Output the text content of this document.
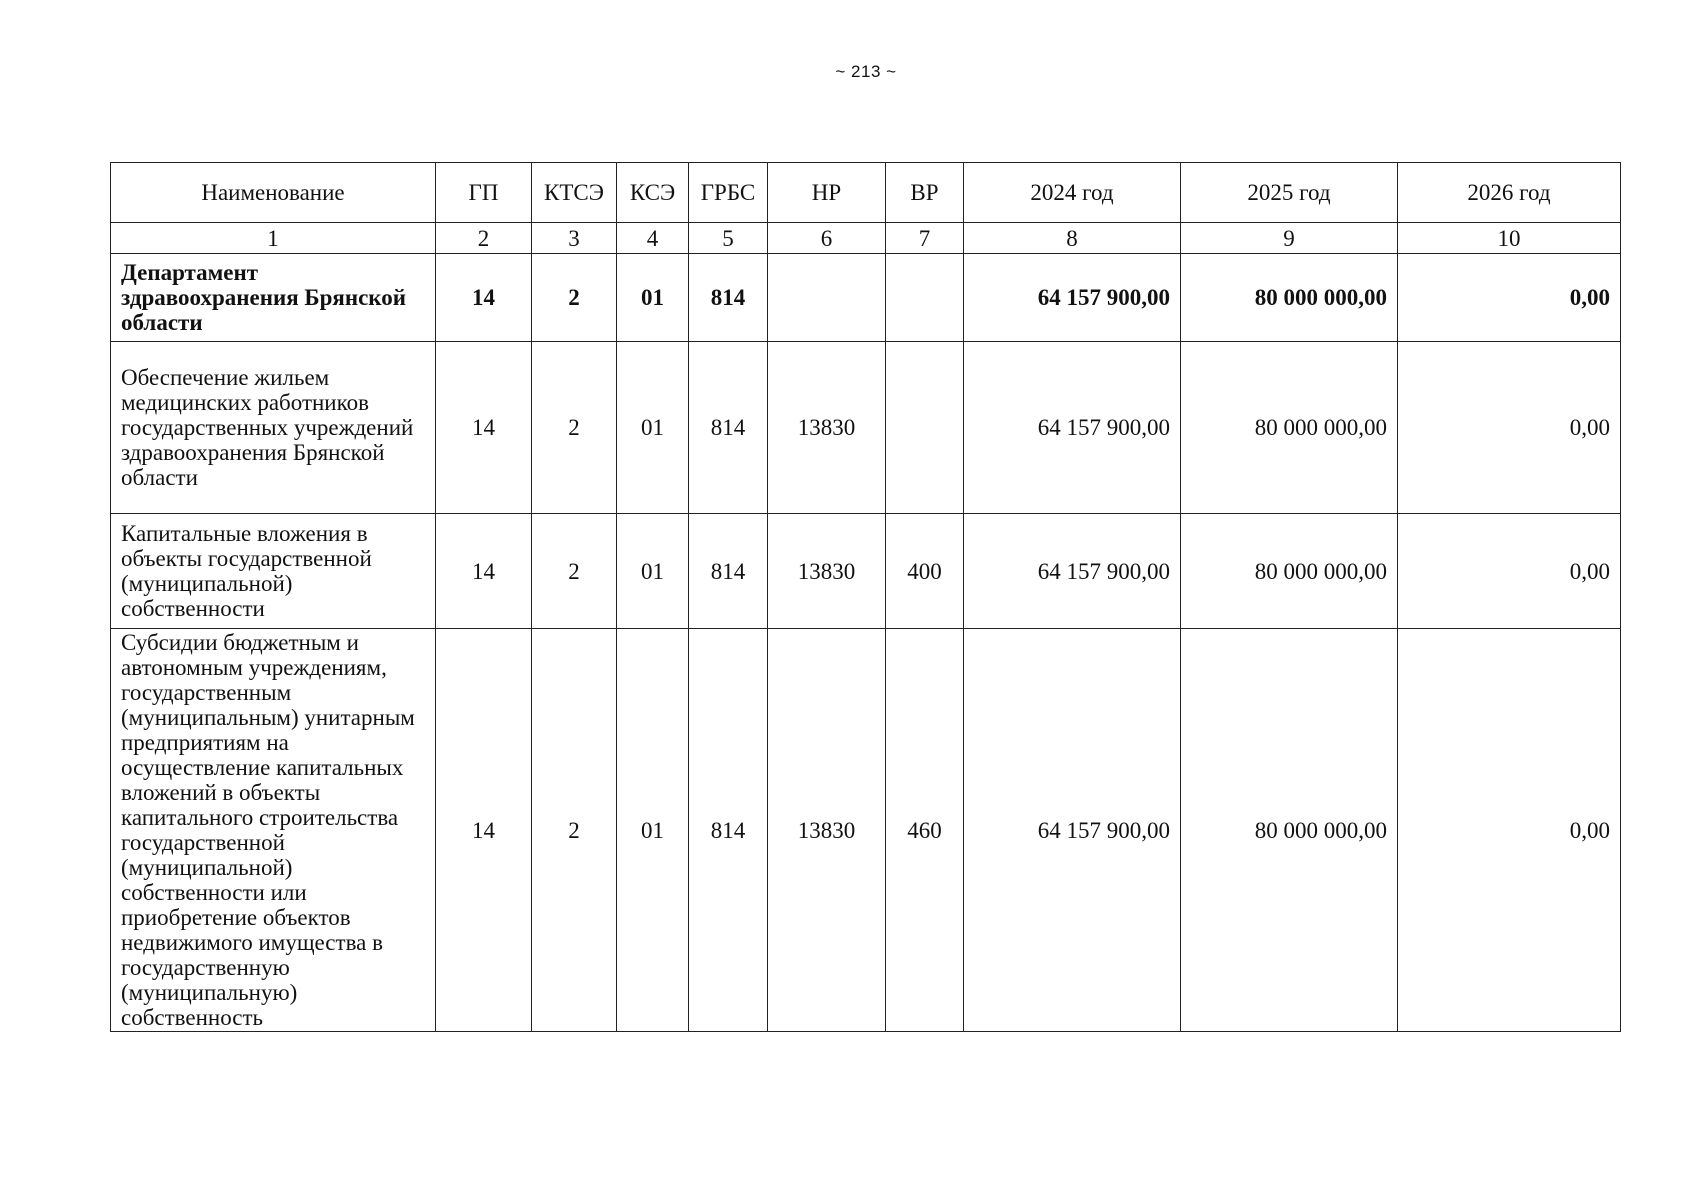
~ 213 ~
Наименование	ГП	КТСЭ	КСЭ	ГРБС	НР	ВР	2024 год	2025 год	2026 год
1	2	3	4	5	6	7	8	9	10
Департамент здравоохранения Брянской области	14	2	01	814			64 157 900,00	80 000 000,00	0,00
Обеспечение жильем медицинских работников государственных учреждений здравоохранения Брянской области	14	2	01	814	13830		64 157 900,00	80 000 000,00	0,00
Капитальные вложения в объекты государственной (муниципальной) собственности	14	2	01	814	13830	400	64 157 900,00	80 000 000,00	0,00
Субсидии бюджетным и автономным учреждениям, государственным (муниципальным) унитарным предприятиям на осуществление капитальных вложений в объекты капитального строительства государственной (муниципальной) собственности или приобретение объектов недвижимого имущества в государственную (муниципальную) собственность	14	2	01	814	13830	460	64 157 900,00	80 000 000,00	0,00
